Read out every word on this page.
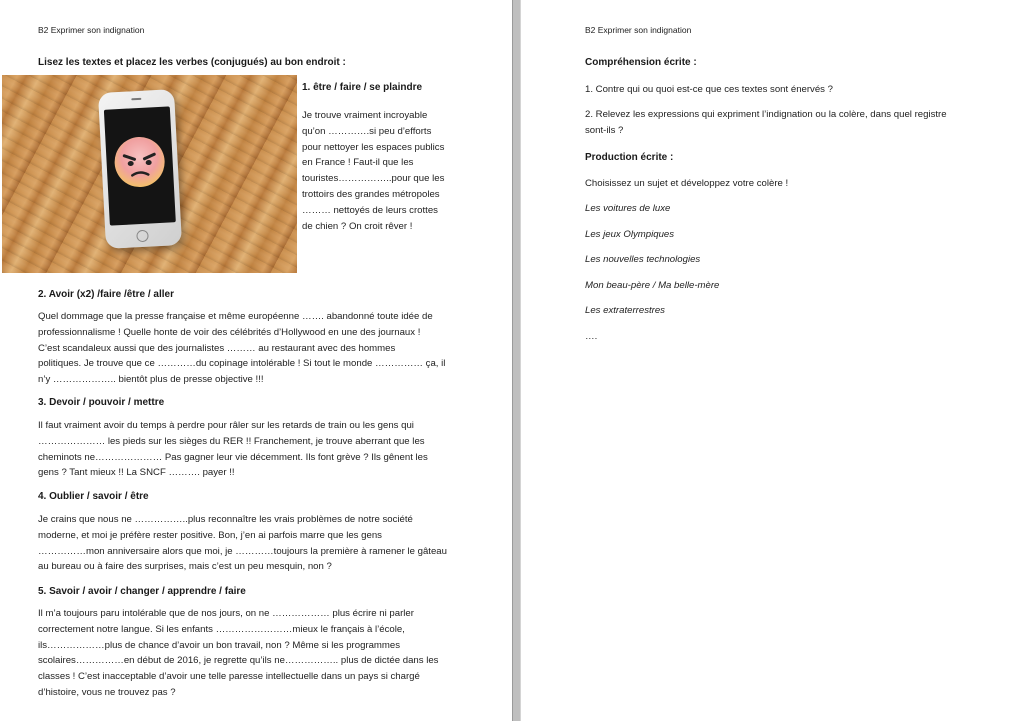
B2 Exprimer son indignation
Lisez les textes et placez les verbes (conjugués) au bon endroit :
1. être / faire / se plaindre
Je trouve vraiment incroyable
qu’on ………….si peu d’efforts
pour nettoyer les espaces publics
en France ! Faut-il que les
touristes……………..pour que les
trottoirs des grandes métropoles
……… nettoyés de leurs crottes
de chien ? On croit rêver !
2. Avoir (x2) /faire /être / aller
Quel dommage que la presse française et même européenne ……. abandonné toute idée de
professionnalisme ! Quelle honte de voir des célébrités d’Hollywood en une des journaux !
C’est scandaleux aussi que des journalistes ……… au restaurant avec des hommes
politiques. Je trouve que ce …………du copinage intolérable ! Si tout le monde …………… ça, il
n’y ……………….. bientôt plus de presse objective !!!
3. Devoir / pouvoir / mettre
Il faut vraiment avoir du temps à perdre pour râler sur les retards de train ou les gens qui
………………… les pieds sur les sièges du RER !! Franchement, je trouve aberrant que les
cheminots ne………………… Pas gagner leur vie décemment. Ils font grève ? Ils gênent les
gens ? Tant mieux !! La SNCF ………. payer !!
4. Oublier / savoir / être
Je crains que nous ne ……………..plus reconnaître les vrais problèmes de notre société
moderne, et moi je préfère rester positive. Bon, j’en ai parfois marre que les gens
……………mon anniversaire alors que moi, je …………toujours la première à ramener le gâteau
au bureau ou à faire des surprises, mais c’est un peu mesquin, non ?
5. Savoir / avoir / changer / apprendre / faire
Il m’a toujours paru intolérable que de nos jours, on ne ……………… plus écrire ni parler
correctement notre langue. Si les enfants ……………………mieux le français à l’école,
ils………………plus de chance d’avoir un bon travail, non ? Même si les programmes
scolaires……………en début de 2016, je regrette qu’ils ne…………….. plus de dictée dans les
classes ! C’est inacceptable d’avoir une telle paresse intellectuelle dans un pays si chargé
d’histoire, vous ne trouvez pas ?
B2 Exprimer son indignation
Compréhension écrite :
1. Contre qui ou quoi est-ce que ces textes sont énervés ?
2. Relevez les expressions qui expriment l’indignation ou la colère, dans quel registre
sont-ils ?
Production écrite :
Choisissez un sujet et développez votre colère !
Les voitures de luxe
Les jeux Olympiques
Les nouvelles technologies
Mon beau-père / Ma belle-mère
Les extraterrestres
….
